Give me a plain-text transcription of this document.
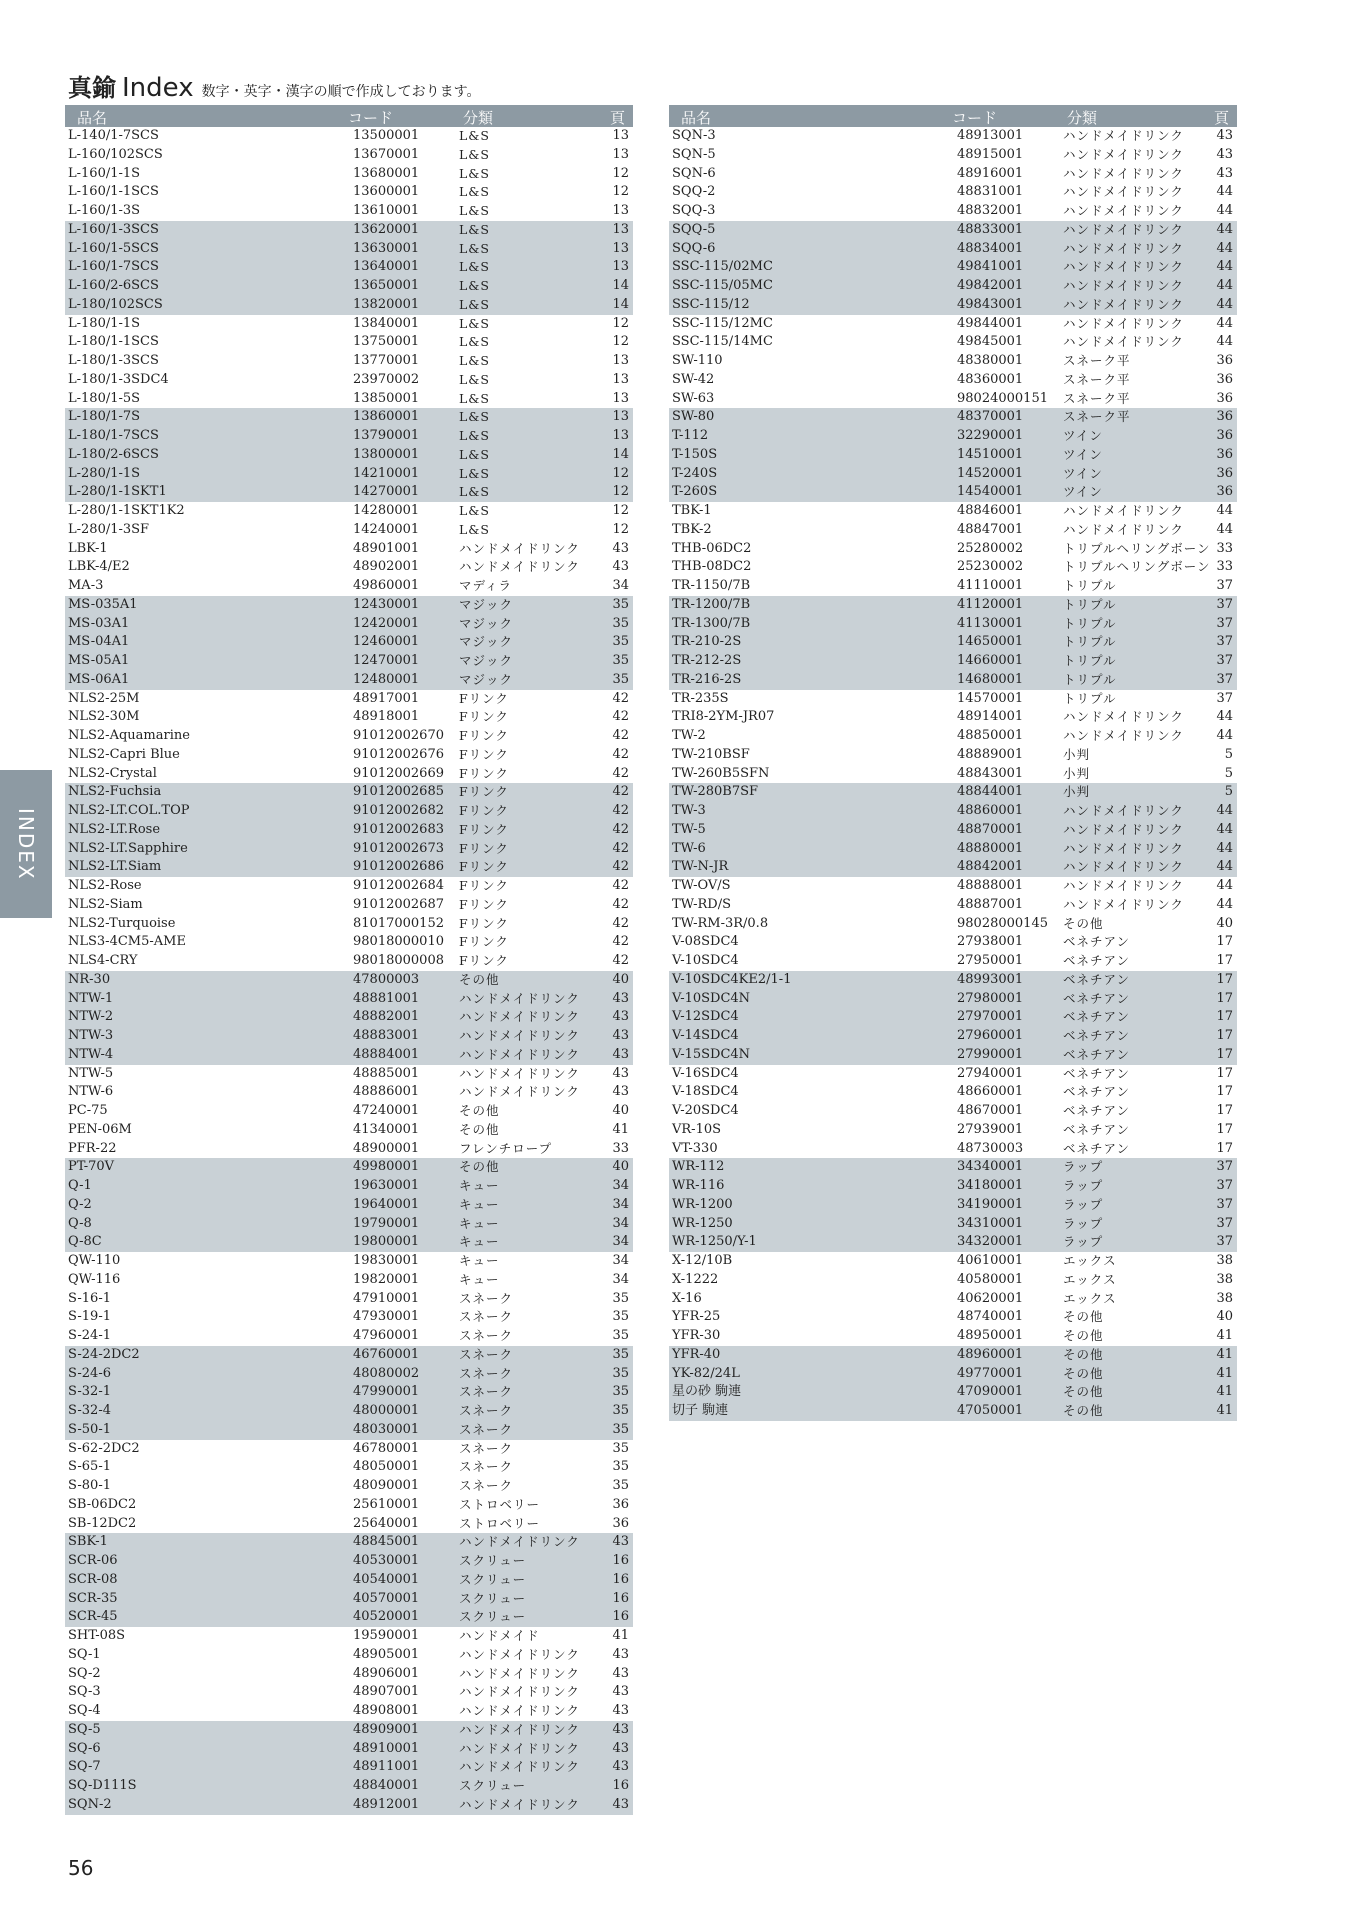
真鍮 Index 数字・英字・漢字の順で作成しております。
品名	コード	分類	頁
L-140/1-7SCS	13500001	L&S	13
L-160/102SCS	13670001	L&S	13
L-160/1-1S	13680001	L&S	12
L-160/1-1SCS	13600001	L&S	12
L-160/1-3S	13610001	L&S	13
L-160/1-3SCS	13620001	L&S	13
L-160/1-5SCS	13630001	L&S	13
L-160/1-7SCS	13640001	L&S	13
L-160/2-6SCS	13650001	L&S	14
L-180/102SCS	13820001	L&S	14
L-180/1-1S	13840001	L&S	12
L-180/1-1SCS	13750001	L&S	12
L-180/1-3SCS	13770001	L&S	13
L-180/1-3SDC4	23970002	L&S	13
L-180/1-5S	13850001	L&S	13
L-180/1-7S	13860001	L&S	13
L-180/1-7SCS	13790001	L&S	13
L-180/2-6SCS	13800001	L&S	14
L-280/1-1S	14210001	L&S	12
L-280/1-1SKT1	14270001	L&S	12
L-280/1-1SKT1K2	14280001	L&S	12
L-280/1-3SF	14240001	L&S	12
LBK-1	48901001	ハンドメイドリンク	43
LBK-4/E2	48902001	ハンドメイドリンク	43
MA-3	49860001	マディラ	34
MS-035A1	12430001	マジック	35
MS-03A1	12420001	マジック	35
MS-04A1	12460001	マジック	35
MS-05A1	12470001	マジック	35
MS-06A1	12480001	マジック	35
NLS2-25M	48917001	Fリンク	42
NLS2-30M	48918001	Fリンク	42
NLS2-Aquamarine	91012002670 Fリンク	42
NLS2-Capri Blue	91012002676 Fリンク	42
NLS2-Crystal	91012002669 Fリンク	42
NLS2-Fuchsia	91012002685 Fリンク	42
NLS2-LT.COL.TOP	91012002682 Fリンク	42
NLS2-LT.Rose	91012002683 Fリンク	42
NLS2-LT.Sapphire	91012002673 Fリンク	42
NLS2-LT.Siam	91012002686 Fリンク	42
NLS2-Rose	91012002684 Fリンク	42
NLS2-Siam	91012002687 Fリンク	42
NLS2-Turquoise	81017000152 Fリンク	42
NLS3-4CM5-AME	98018000010 Fリンク	42
NLS4-CRY	98018000008 Fリンク	42
NR-30	47800003	その他	40
NTW-1	48881001	ハンドメイドリンク	43
NTW-2	48882001	ハンドメイドリンク	43
NTW-3	48883001	ハンドメイドリンク	43
NTW-4	48884001	ハンドメイドリンク	43
NTW-5	48885001	ハンドメイドリンク	43
NTW-6	48886001	ハンドメイドリンク	43
PC-75	47240001	その他	40
PEN-06M	41340001	その他	41
PFR-22	48900001	フレンチロープ	33
PT-70V	49980001	その他	40
Q-1	19630001	キュー	34
Q-2	19640001	キュー	34
Q-8	19790001	キュー	34
Q-8C	19800001	キュー	34
QW-110	19830001	キュー	34
QW-116	19820001	キュー	34
S-16-1	47910001	スネーク	35
S-19-1	47930001	スネーク	35
S-24-1	47960001	スネーク	35
S-24-2DC2	46760001	スネーク	35
S-24-6	48080002	スネーク	35
S-32-1	47990001	スネーク	35
S-32-4	48000001	スネーク	35
S-50-1	48030001	スネーク	35
S-62-2DC2	46780001	スネーク	35
S-65-1	48050001	スネーク	35
S-80-1	48090001	スネーク	35
SB-06DC2	25610001	ストロベリー	36
SB-12DC2	25640001	ストロベリー	36
SBK-1	48845001	ハンドメイドリンク	43
SCR-06	40530001	スクリュー	16
SCR-08	40540001	スクリュー	16
SCR-35	40570001	スクリュー	16
SCR-45	40520001	スクリュー	16
SHT-08S	19590001	ハンドメイド	41
SQ-1	48905001	ハンドメイドリンク	43
SQ-2	48906001	ハンドメイドリンク	43
SQ-3	48907001	ハンドメイドリンク	43
SQ-4	48908001	ハンドメイドリンク	43
SQ-5	48909001	ハンドメイドリンク	43
SQ-6	48910001	ハンドメイドリンク	43
SQ-7	48911001	ハンドメイドリンク	43
SQ-D111S	48840001	スクリュー	16
SQN-2	48912001	ハンドメイドリンク	43
品名	コード	分類	頁
SQN-3	48913001	ハンドメイドリンク	43
SQN-5	48915001	ハンドメイドリンク	43
SQN-6	48916001	ハンドメイドリンク	43
SQQ-2	48831001	ハンドメイドリンク	44
SQQ-3	48832001	ハンドメイドリンク	44
SQQ-5	48833001	ハンドメイドリンク	44
SQQ-6	48834001	ハンドメイドリンク	44
SSC-115/02MC	49841001	ハンドメイドリンク	44
SSC-115/05MC	49842001	ハンドメイドリンク	44
SSC-115/12	49843001	ハンドメイドリンク	44
SSC-115/12MC	49844001	ハンドメイドリンク	44
SSC-115/14MC	49845001	ハンドメイドリンク	44
SW-110	48380001	スネーク平	36
SW-42	48360001	スネーク平	36
SW-63	98024000151 スネーク平	36
SW-80	48370001	スネーク平	36
T-112	32290001	ツイン	36
T-150S	14510001	ツイン	36
T-240S	14520001	ツイン	36
T-260S	14540001	ツイン	36
TBK-1	48846001	ハンドメイドリンク	44
TBK-2	48847001	ハンドメイドリンク	44
THB-06DC2	25280002	トリプルヘリングボーン 33
THB-08DC2	25230002	トリプルヘリングボーン 33
TR-1150/7B	41110001	トリプル	37
TR-1200/7B	41120001	トリプル	37
TR-1300/7B	41130001	トリプル	37
TR-210-2S	14650001	トリプル	37
TR-212-2S	14660001	トリプル	37
TR-216-2S	14680001	トリプル	37
TR-235S	14570001	トリプル	37
TRI8-2YM-JR07	48914001	ハンドメイドリンク	44
TW-2	48850001	ハンドメイドリンク	44
TW-210BSF	48889001	小判	5
TW-260B5SFN	48843001	小判	5
TW-280B7SF	48844001	小判	5
TW-3	48860001	ハンドメイドリンク	44
TW-5	48870001	ハンドメイドリンク	44
TW-6	48880001	ハンドメイドリンク	44
TW-N-JR	48842001	ハンドメイドリンク	44
TW-OV/S	48888001	ハンドメイドリンク	44
TW-RD/S	48887001	ハンドメイドリンク	44
TW-RM-3R/0.8	98028000145 その他	40
V-08SDC4	27938001	ベネチアン	17
V-10SDC4	27950001	ベネチアン	17
V-10SDC4KE2/1-1	48993001	ベネチアン	17
V-10SDC4N	27980001	ベネチアン	17
V-12SDC4	27970001	ベネチアン	17
V-14SDC4	27960001	ベネチアン	17
V-15SDC4N	27990001	ベネチアン	17
V-16SDC4	27940001	ベネチアン	17
V-18SDC4	48660001	ベネチアン	17
V-20SDC4	48670001	ベネチアン	17
VR-10S	27939001	ベネチアン	17
VT-330	48730003	ベネチアン	17
WR-112	34340001	ラップ	37
WR-116	34180001	ラップ	37
WR-1200	34190001	ラップ	37
WR-1250	34310001	ラップ	37
WR-1250/Y-1	34320001	ラップ	37
X-12/10B	40610001	エックス	38
X-1222	40580001	エックス	38
X-16	40620001	エックス	38
YFR-25	48740001	その他	40
YFR-30	48950001	その他	41
YFR-40	48960001	その他	41
YK-82/24L	49770001	その他	41
星の砂 駒連	47090001	その他	41
切子 駒連	47050001	その他	41
INDEX
56
